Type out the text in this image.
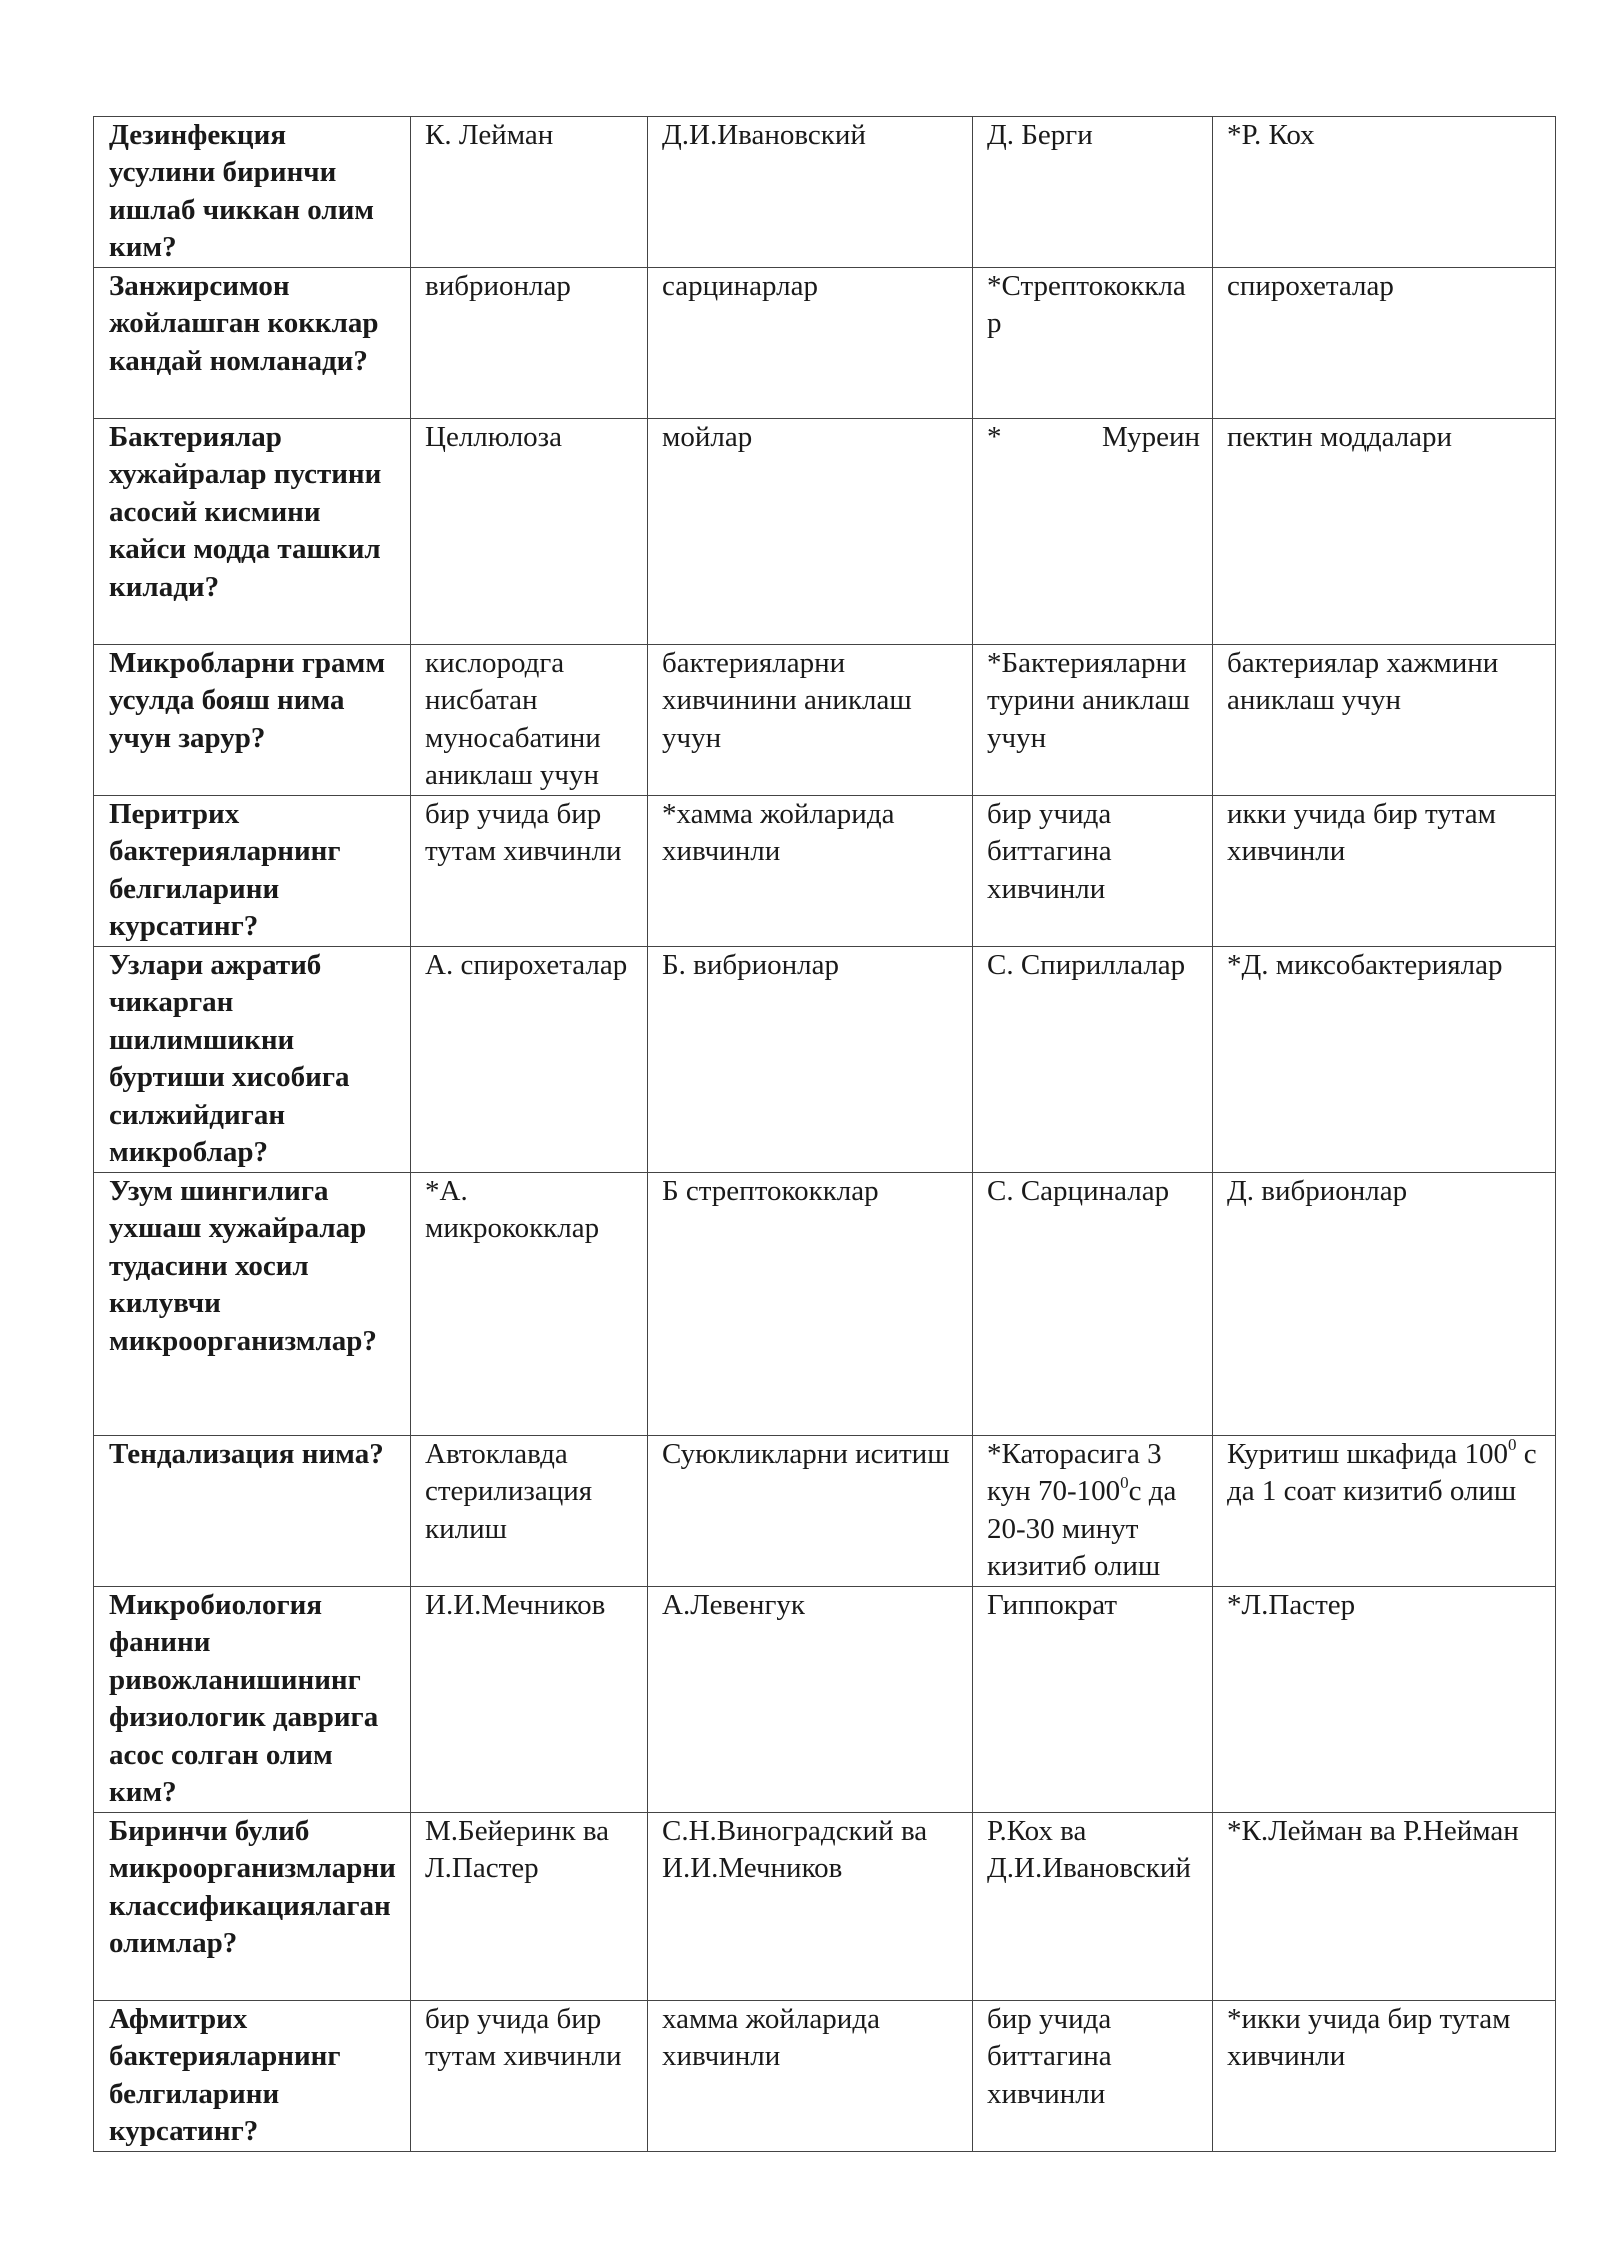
Дезинфекция усулини биринчи ишлаб чиккан олим ким?	К. Лейман	Д.И.Ивановский	Д. Берги	*Р. Кох
Занжирсимон жойлашган кокклар кандай номланади?	вибрионлар	сарцинарлар	*Стрептококклар	спирохеталар
Бактериялар хужайралар пустини асосий кисмини кайси модда ташкил килади?	Целлюлоза	мойлар	* Муреин	пектин моддалари
Микробларни грамм усулда бояш нима учун зарур?	кислородга нисбатан муносабатини аниклаш учун	бактерияларни хивчинини аниклаш учун	*Бактерияларни турини аниклаш учун	бактериялар хажмини аниклаш учун
Перитрих бактерияларнинг белгиларини курсатинг?	бир учида бир тутам хивчинли	*хамма жойларида хивчинли	бир учида биттагина хивчинли	икки учида бир тутам хивчинли
Узлари ажратиб чикарган шилимшикни буртиши хисобига силжийдиган микроблар?	А. спирохеталар	Б. вибрионлар	С. Спириллалар	*Д. миксобактериялар
Узум шингилига ухшаш хужайралар тудасини хосил килувчи микроорганизмлар?	*А. микрококклар	Б стрептококклар	С. Сарциналар	Д. вибрионлар
Тендализация нима?	Автоклавда стерилизация килиш	Суюкликларни иситиш	*Каторасига 3 кун $70-100^0с$ да 20-30 минут кизитиб олиш	Куритиш шкафида $100^0$ с да 1 соат кизитиб олиш
Микробиология фанини ривожланишининг физиологик даврига асос солган олим ким?	И.И.Мечников	А.Левенгук	Гиппократ	*Л.Пастер
Биринчи булиб микроорганизмларни классификациялаган олимлар?	М.Бейеринк ва Л.Пастер	С.Н.Виноградский ва И.И.Мечников	Р.Кох ва Д.И.Ивановский	*К.Лейман ва Р.Нейман
Афмитрих бактерияларнинг белгиларини курсатинг?	бир учида бир тутам хивчинли	хамма жойларида хивчинли	бир учида биттагина хивчинли	*икки учида бир тутам хивчинли
